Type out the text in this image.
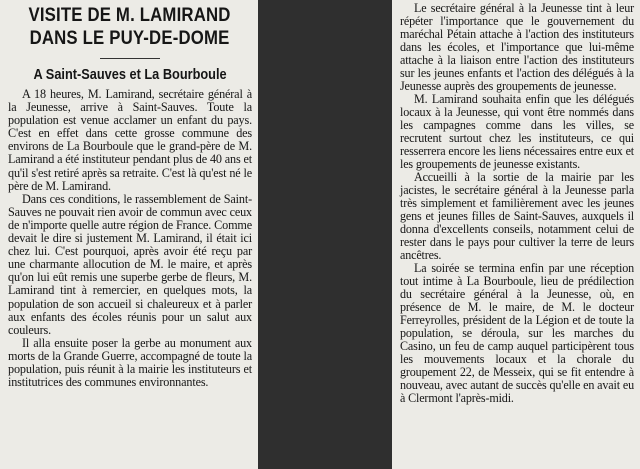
VISITE DE M. LAMIRAND DANS LE PUY-DE-DOME
A Saint-Sauves et La Bourboule

A 18 heures, M. Lamirand, secrétaire général à la Jeunesse, arrive à Saint-Sauves. Toute la population est venue acclamer un enfant du pays. C'est en effet dans cette grosse commune des environs de La Bourboule que le grand-père de M. Lamirand a été instituteur pendant plus de 40 ans et qu'il s'est retiré après sa retraite. C'est là qu'est né le père de M. Lamirand.

Dans ces conditions, le rassemblement de Saint-Sauves ne pouvait rien avoir de commun avec ceux de n'importe quelle autre région de France. Comme devait le dire si justement M. Lamirand, il était ici chez lui. C'est pourquoi, après avoir été reçu par une charmante allocution de M. le maire, et après qu'on lui eût remis une superbe gerbe de fleurs, M. Lamirand tint à remercier, en quelques mots, la population de son accueil si chaleureux et à parler aux enfants des écoles réunis pour un salut aux couleurs.

Il alla ensuite poser la gerbe au monument aux morts de la Grande Guerre, accompagné de toute la population, puis réunit à la mairie les instituteurs et institutrices des communes environnantes.

Le secrétaire général à la Jeunesse tint à leur répéter l'importance que le gouvernement du maréchal Pétain attache à l'action des instituteurs dans les écoles, et l'importance que lui-même attache à la liaison entre l'action des instituteurs sur les jeunes enfants et l'action des délégués à la Jeunesse auprès des groupements de jeunesse.

M. Lamirand souhaita enfin que les délégués locaux à la Jeunesse, qui vont être nommés dans les campagnes comme dans les villes, se recrutent surtout chez les instituteurs, ce qui resserrera encore les liens nécessaires entre eux et les groupements de jeunesse existants.

Accueilli à la sortie de la mairie par les jacistes, le secrétaire général à la Jeunesse parla très simplement et familièrement avec les jeunes gens et jeunes filles de Saint-Sauves, auxquels il donna d'excellents conseils, notamment celui de rester dans le pays pour cultiver la terre de leurs ancêtres.

La soirée se termina enfin par une réception tout intime à La Bourboule, lieu de prédilection du secrétaire général à la Jeunesse, où, en présence de M. le maire, de M. le docteur Ferreyrolles, président de la Légion et de toute la population, se déroula, sur les marches du Casino, un feu de camp auquel participèrent tous les mouvements locaux et la chorale du groupement 22, de Messeix, qui se fit entendre à nouveau, avec autant de succès qu'elle en avait eu à Clermont l'après-midi.
